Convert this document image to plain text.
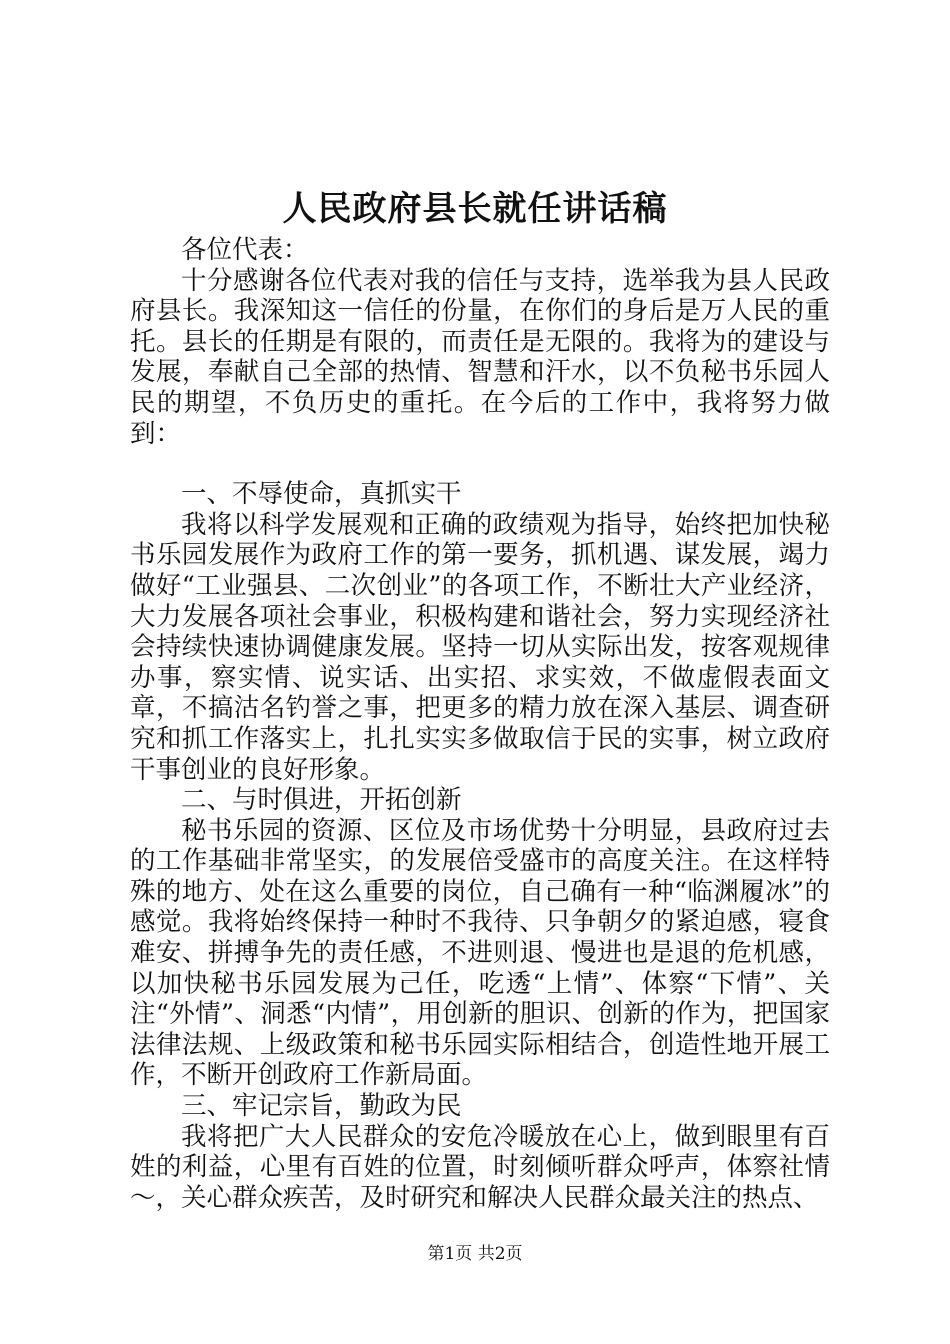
人民政府县长就任讲话稿

各位代表：

十分感谢各位代表对我的信任与支持，选举我为县人民政府县长。我深知这一信任的份量，在你们的身后是万人民的重托。县长的任期是有限的，而责任是无限的。我将为的建设与发展，奉献自己全部的热情、智慧和汗水，以不负秘书乐园人民的期望，不负历史的重托。在今后的工作中，我将努力做到：

一、不辱使命，真抓实干

我将以科学发展观和正确的政绩观为指导，始终把加快秘书乐园发展作为政府工作的第一要务，抓机遇、谋发展，竭力做好“工业强县、二次创业”的各项工作，不断壮大产业经济，大力发展各项社会事业，积极构建和谐社会，努力实现经济社会持续快速协调健康发展。坚持一切从实际出发，按客观规律办事，察实情、说实话、出实招、求实效，不做虚假表面文章，不搞沽名钓誉之事，把更多的精力放在深入基层、调查研究和抓工作落实上，扎扎实实多做取信于民的实事，树立政府干事创业的良好形象。

二、与时俱进，开拓创新

秘书乐园的资源、区位及市场优势十分明显，县政府过去的工作基础非常坚实，的发展倍受盛市的高度关注。在这样特殊的地方、处在这么重要的岗位，自己确有一种“临渊履冰”的感觉。我将始终保持一种时不我待、只争朝夕的紧迫感，寝食难安、拼搏争先的责任感，不进则退、慢进也是退的危机感，以加快秘书乐园发展为己任，吃透“上情”、体察“下情”、关注“外情”、洞悉“内情”，用创新的胆识、创新的作为，把国家法律法规、上级政策和秘书乐园实际相结合，创造性地开展工作，不断开创政府工作新局面。

三、牢记宗旨，勤政为民

我将把广大人民群众的安危冷暖放在心上，做到眼里有百姓的利益，心里有百姓的位置，时刻倾听群众呼声，体察社情～，关心群众疾苦，及时研究和解决人民群众最关注的热点、

第1页 共2页
